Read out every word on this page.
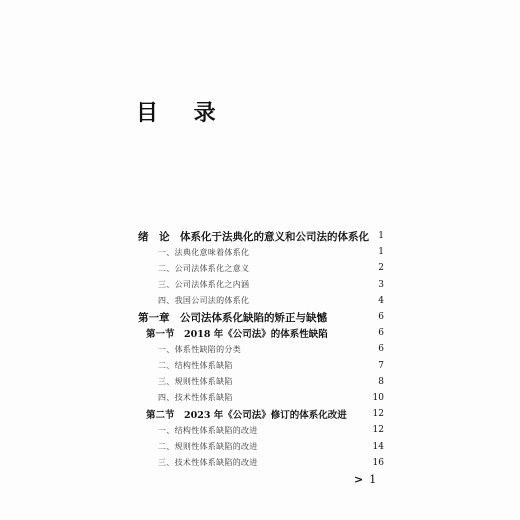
目 录
绪　论　体系化于法典化的意义和公司法的体系化 1
一、法典化意味着体系化	1
二、公司法体系化之意义	2
三、公司法体系化之内涵	3
四、我国公司法的体系化	4
第一章　公司法体系化缺陷的矫正与缺憾	6
第一节　2018 年《公司法》的体系性缺陷	6
一、体系性缺陷的分类	6
二、结构性体系缺陷	7
三、规则性体系缺陷	8
四、技术性体系缺陷	10
第二节　2023 年《公司法》修订的体系化改进	12
一、结构性体系缺陷的改进	12
二、规则性体系缺陷的改进	14
三、技术性体系缺陷的改进	16
> 1
